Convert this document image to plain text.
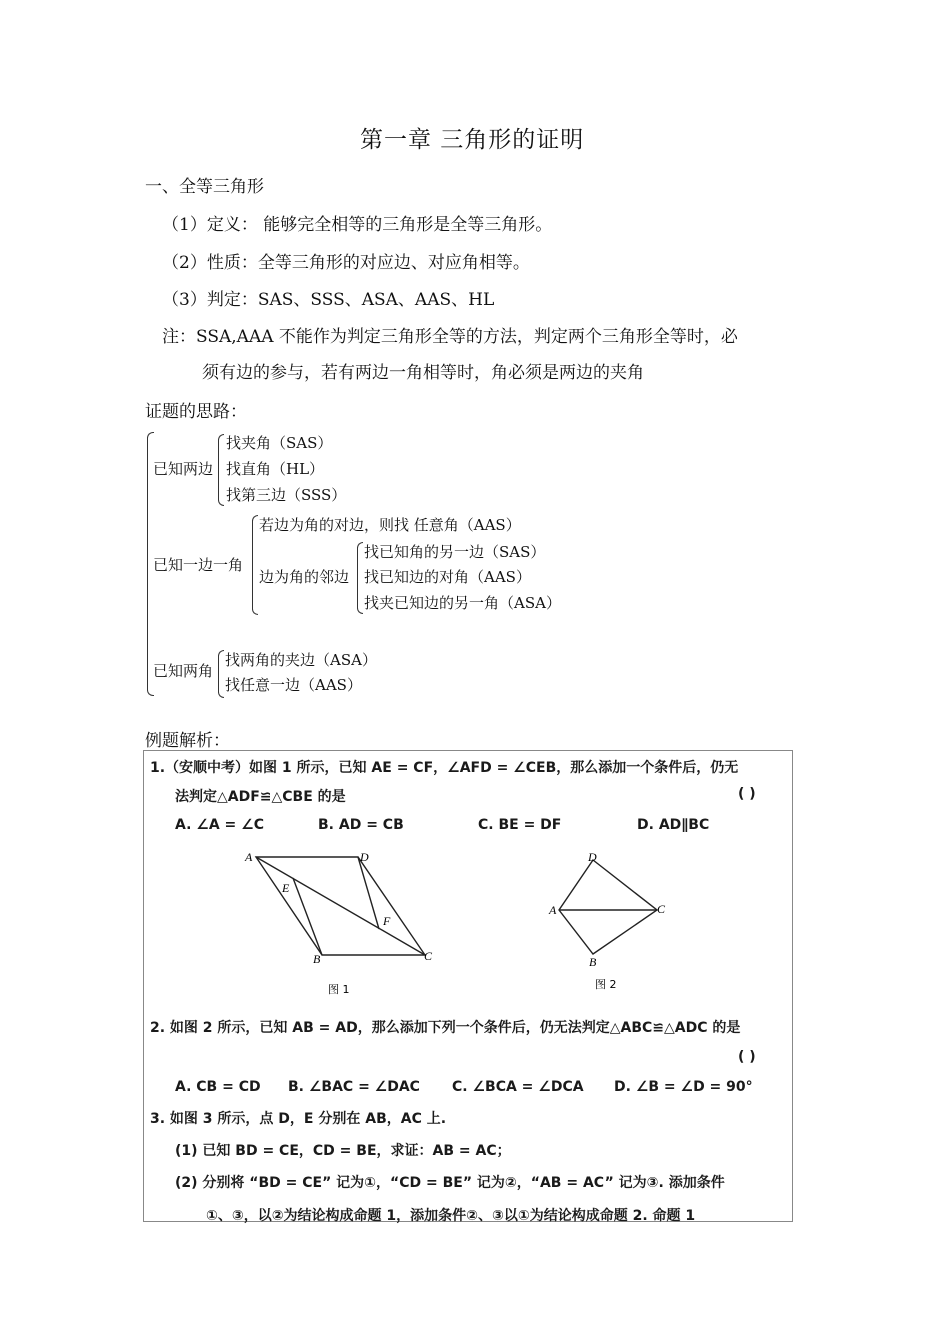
第一章 三角形的证明
一、全等三角形
（1）定义： 能够完全相等的三角形是全等三角形。
（2）性质：全等三角形的对应边、对应角相等。
（3）判定：SAS、SSS、ASA、AAS、HL
注：SSA,AAA 不能作为判定三角形全等的方法，判定两个三角形全等时，必
须有边的参与，若有两边一角相等时，角必须是两边的夹角
证题的思路：
已知两边
找夹角（SAS）
找直角（HL）
找第三边（SSS）
已知一边一角
若边为角的对边，则找 任意角（AAS）
边为角的邻边
找已知角的另一边（SAS）
找已知边的对角（AAS）
找夹已知边的另一角（ASA）
已知两角
找两角的夹边（ASA）
找任意一边（AAS）
例题解析：
1.（安顺中考）如图 1 所示，已知 AE = CF，∠AFD = ∠CEB，那么添加一个条件后，仍无
法判定△ADF≌△CBE 的是	( )
A. ∠A = ∠C	B. AD = CB	C. BE = DF	D. AD∥BC
A	D
E
F
B	C
图 1
D
A	C
B
图 2
2. 如图 2 所示，已知 AB = AD，那么添加下列一个条件后，仍无法判定△ABC≌△ADC 的是
( )
A. CB = CD B. ∠BAC = ∠DAC C. ∠BCA = ∠DCA D. ∠B = ∠D = 90°
3. 如图 3 所示，点 D，E 分别在 AB，AC 上.
(1) 已知 BD = CE，CD = BE，求证：AB = AC；
(2) 分别将 “BD = CE” 记为①，“CD = BE” 记为②，“AB = AC” 记为③. 添加条件
①、③，以②为结论构成命题 1，添加条件②、③以①为结论构成命题 2. 命题 1
